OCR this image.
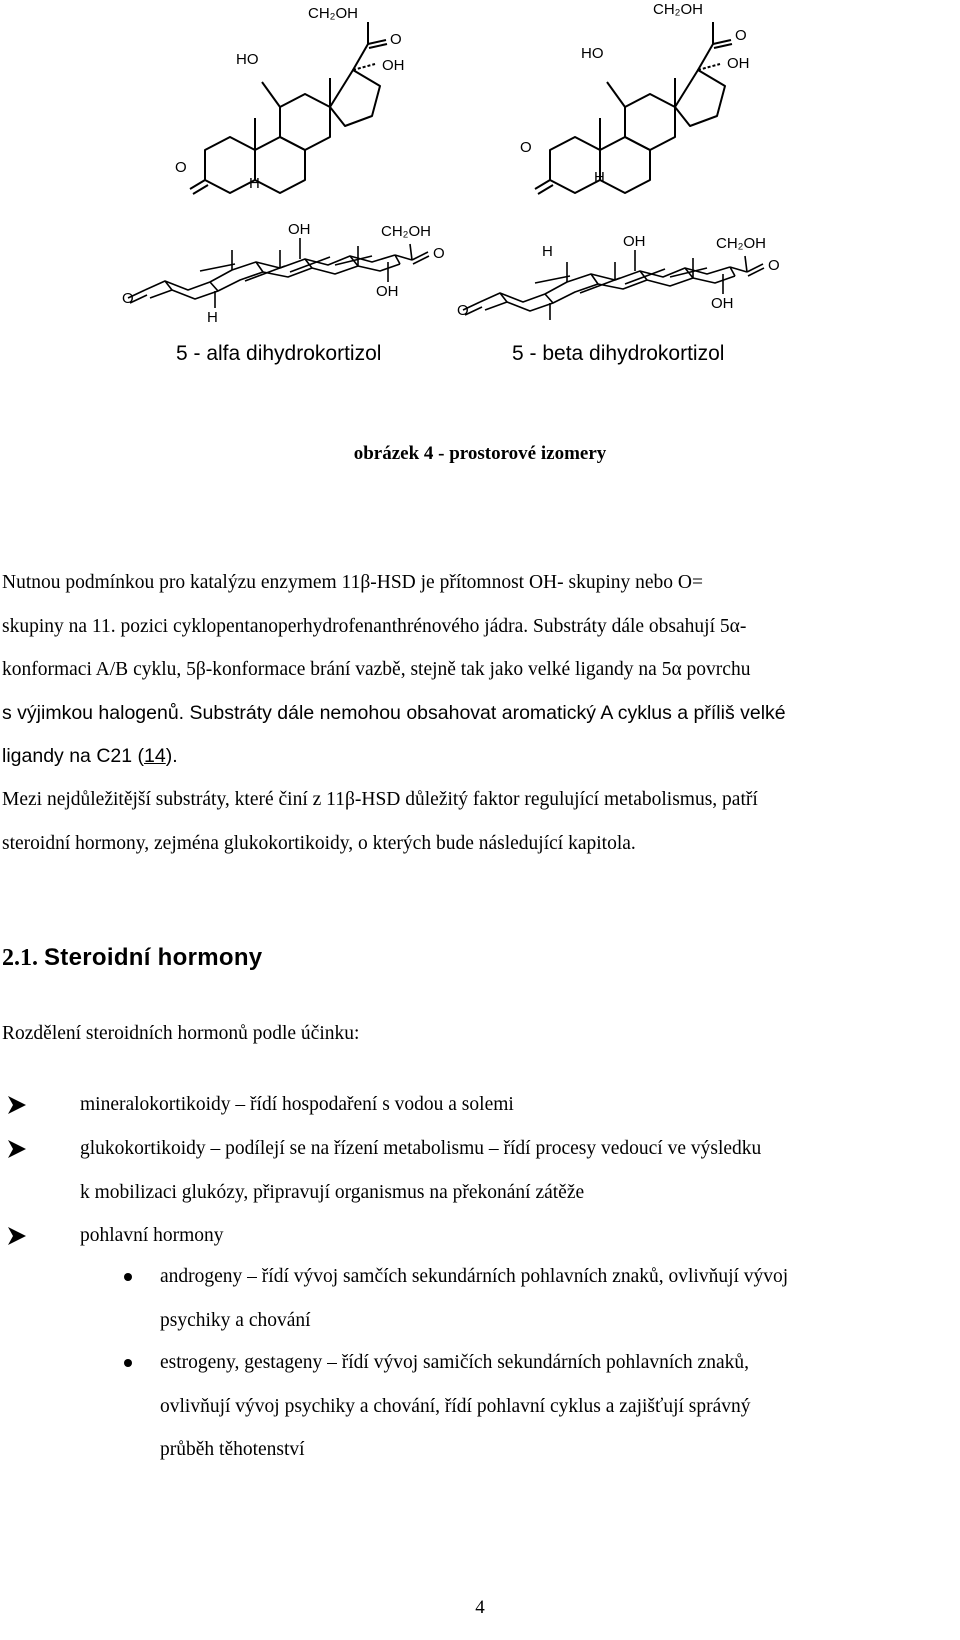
CH₂OH
O
OH
HO
O
H
CH₂OH
O
OH
HO
O
H
OH	CH₂OH
O
OH
O
H
5 - alfa dihydrokortizol
OH	CH₂OH
O
OH
O
H
5 - beta dihydrokortizol
obrázek 4 - prostorové izomery
Nutnou podmínkou pro katalýzu enzymem 11β-HSD je přítomnost OH- skupiny nebo O=
skupiny na 11. pozici cyklopentanoperhydrofenanthrénového jádra. Substráty dále obsahují 5α-
konformaci A/B cyklu, 5β-konformace brání vazbě, stejně tak jako velké ligandy na 5α povrchu
s výjimkou halogenů. Substráty dále nemohou obsahovat aromatický A cyklus a příliš velké
ligandy na C21 (14).
Mezi nejdůležitější substráty, které činí z 11β-HSD důležitý faktor regulující metabolismus, patří
steroidní hormony, zejména glukokortikoidy, o kterých bude následující kapitola.
2.1. Steroidní hormony
Rozdělení steroidních hormonů podle účinku:
mineralokortikoidy – řídí hospodaření s vodou a solemi
glukokortikoidy – podílejí se na řízení metabolismu – řídí procesy vedoucí ve výsledku
k mobilizaci glukózy, připravují organismus na překonání zátěže
pohlavní hormony
androgeny – řídí vývoj samčích sekundárních pohlavních znaků, ovlivňují vývoj
psychiky a chování
estrogeny, gestageny – řídí vývoj samičích sekundárních pohlavních znaků,
ovlivňují vývoj psychiky a chování, řídí pohlavní cyklus a zajišťují správný
průběh těhotenství
4
